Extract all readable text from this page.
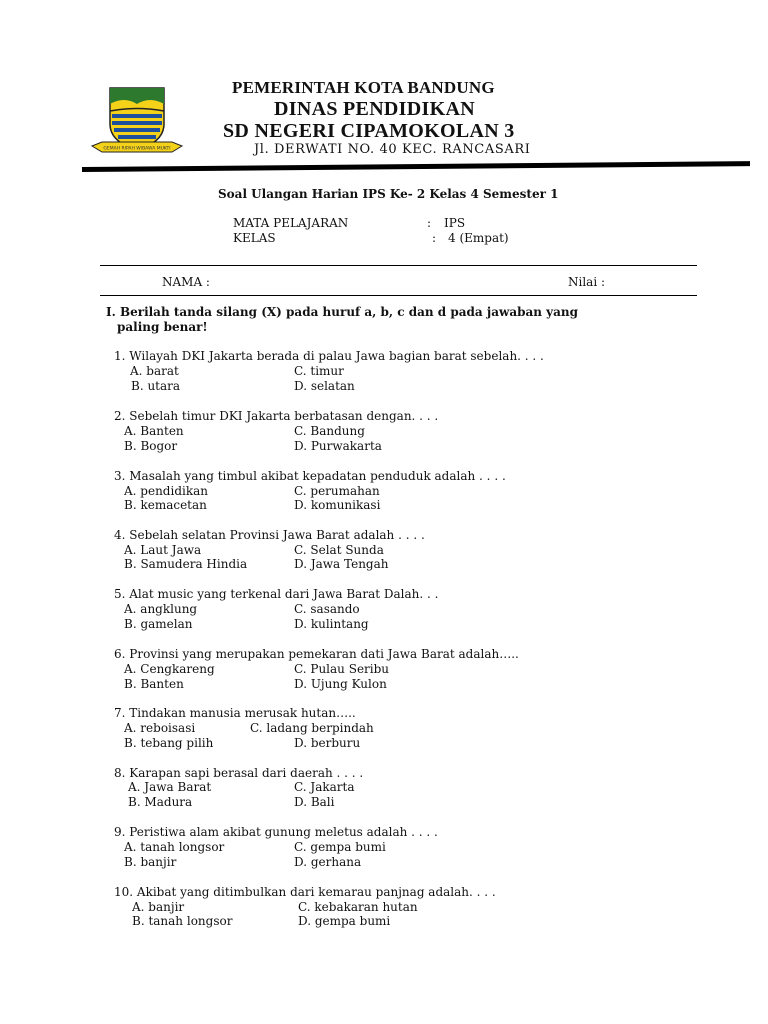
GEMAH RIPAH WIBAWA MUKTI
PEMERINTAH KOTA BANDUNG
DINAS PENDIDIKAN
SD NEGERI CIPAMOKOLAN 3
Jl. DERWATI NO. 40 KEC. RANCASARI
Soal Ulangan Harian IPS Ke- 2 Kelas 4 Semester 1
MATA PELAJARAN	: IPS
KELAS	: 4 (Empat)
NAMA :	Nilai :
I. Berilah tanda silang (X) pada huruf a, b, c dan d pada jawaban yang
paling benar!
1. Wilayah DKI Jakarta berada di palau Jawa bagian barat sebelah. . . .
A. barat	C. timur
B. utara	D. selatan
2. Sebelah timur DKI Jakarta berbatasan dengan. . . .
A. Banten	C. Bandung
B. Bogor	D. Purwakarta
3. Masalah yang timbul akibat kepadatan penduduk adalah . . . .
A. pendidikan	C. perumahan
B. kemacetan	D. komunikasi
4. Sebelah selatan Provinsi Jawa Barat adalah . . . .
A. Laut Jawa	C. Selat Sunda
B. Samudera Hindia	D. Jawa Tengah
5. Alat music yang terkenal dari Jawa Barat Dalah. . .
A. angklung	C. sasando
B. gamelan	D. kulintang
6. Provinsi yang merupakan pemekaran dati Jawa Barat adalah…..
A. Cengkareng	C. Pulau Seribu
B. Banten	D. Ujung Kulon
7. Tindakan manusia merusak hutan…..
A. reboisasi	C. ladang berpindah
B. tebang pilih	D. berburu
8. Karapan sapi berasal dari daerah . . . .
A. Jawa Barat	C. Jakarta
B. Madura	D. Bali
9. Peristiwa alam akibat gunung meletus adalah . . . .
A. tanah longsor	C. gempa bumi
B. banjir	D. gerhana
10. Akibat yang ditimbulkan dari kemarau panjnag adalah. . . .
A. banjir	C. kebakaran hutan
B. tanah longsor	D. gempa bumi
